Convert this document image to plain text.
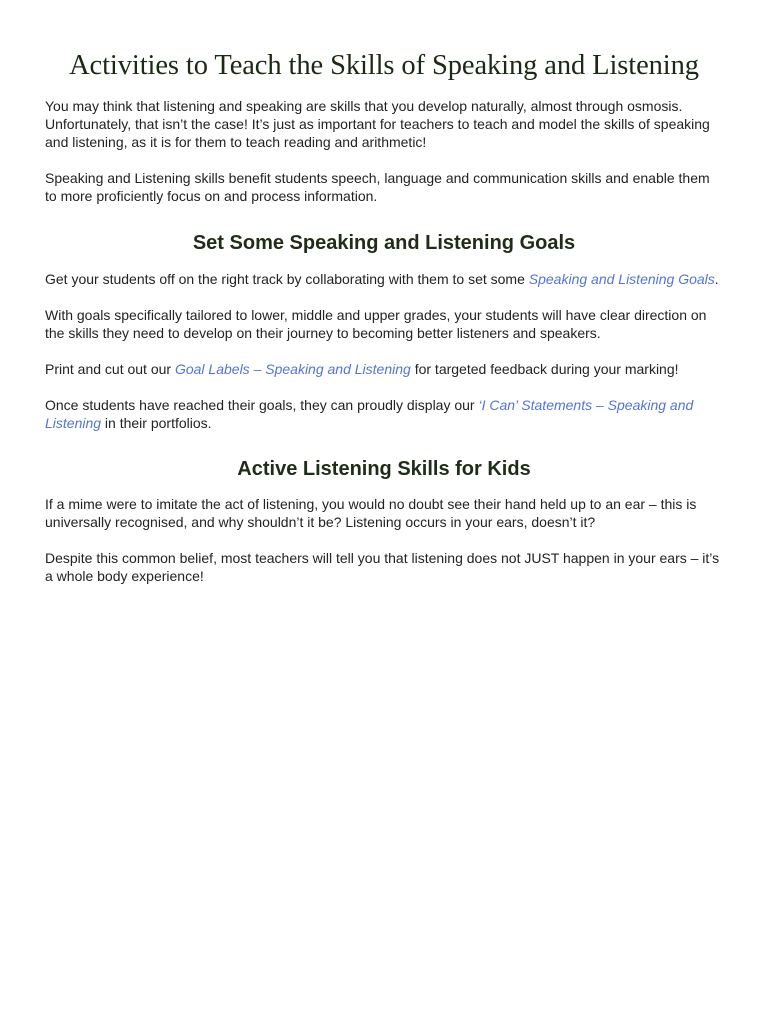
Activities to Teach the Skills of Speaking and Listening

You may think that listening and speaking are skills that you develop naturally, almost through osmosis. Unfortunately, that isn’t the case! It’s just as important for teachers to teach and model the skills of speaking and listening, as it is for them to teach reading and arithmetic!

Speaking and Listening skills benefit students speech, language and communication skills and enable them to more proficiently focus on and process information.

Set Some Speaking and Listening Goals

Get your students off on the right track by collaborating with them to set some Speaking and Listening Goals.

With goals specifically tailored to lower, middle and upper grades, your students will have clear direction on the skills they need to develop on their journey to becoming better listeners and speakers.

Print and cut out our Goal Labels – Speaking and Listening for targeted feedback during your marking!

Once students have reached their goals, they can proudly display our ‘I Can’ Statements – Speaking and Listening in their portfolios.

Active Listening Skills for Kids

If a mime were to imitate the act of listening, you would no doubt see their hand held up to an ear – this is universally recognised, and why shouldn’t it be? Listening occurs in your ears, doesn’t it?

Despite this common belief, most teachers will tell you that listening does not JUST happen in your ears – it’s a whole body experience!
